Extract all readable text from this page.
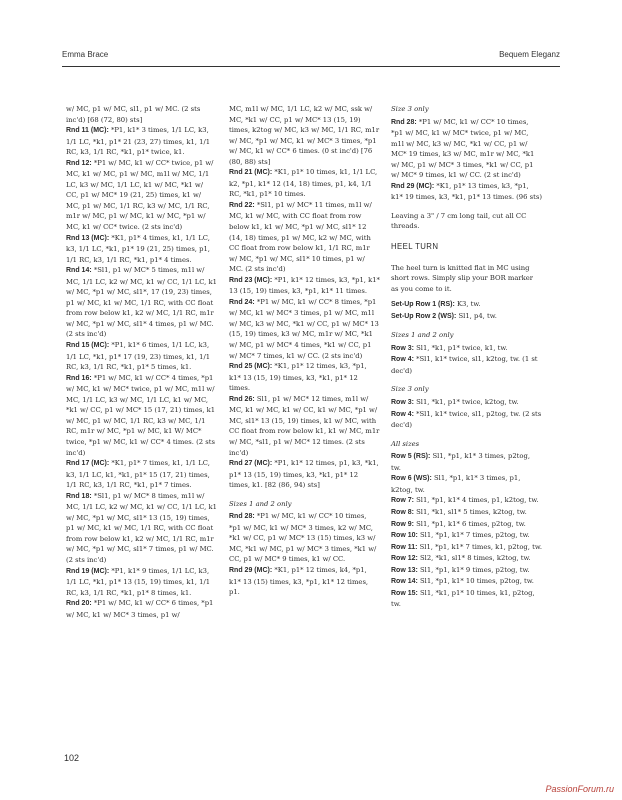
Emma Brace	Bequem Eleganz
w/ MC, p1 w/ MC, sl1, p1 w/ MC. (2 sts inc'd) [68 (72, 80) sts]
Rnd 11 (MC): *P1, k1* 3 times, 1/1 LC, k3, 1/1 LC, *k1, p1* 21 (23, 27) times, k1, 1/1 RC, k3, 1/1 RC, *k1, p1* twice, k1.
Rnd 12: *P1 w/ MC, k1 w/ CC* twice, p1 w/ MC, k1 w/ MC, p1 w/ MC, m1l w/ MC, 1/1 LC, k3 w/ MC, 1/1 LC, k1 w/ MC, *k1 w/ CC, p1 w/ MC* 19 (21, 25) times, k1 w/ MC, p1 w/ MC, 1/1 RC, k3 w/ MC, 1/1 RC, m1r w/ MC, p1 w/ MC, k1 w/ MC, *p1 w/ MC, k1 w/ CC* twice. (2 sts inc'd)
Rnd 13 (MC): *K1, p1* 4 times, k1, 1/1 LC, k3, 1/1 LC, *k1, p1* 19 (21, 25) times, p1, 1/1 RC, k3, 1/1 RC, *k1, p1* 4 times.
Rnd 14: *Sl1, p1 w/ MC* 5 times, m1l w/ MC, 1/1 LC, k2 w/ MC, k1 w/ CC, 1/1 LC, k1 w/ MC, *p1 w/ MC, sl1*, 17 (19, 23) times, p1 w/ MC, k1 w/ MC, 1/1 RC, with CC float from row below k1, k2 w/ MC, 1/1 RC, m1r w/ MC, *p1 w/ MC, sl1* 4 times, p1 w/ MC. (2 sts inc'd)
Rnd 15 (MC): *P1, k1* 6 times, 1/1 LC, k3, 1/1 LC, *k1, p1* 17 (19, 23) times, k1, 1/1 RC, k3, 1/1 RC, *k1, p1* 5 times, k1.
Rnd 16: *P1 w/ MC, k1 w/ CC* 4 times, *p1 w/ MC, k1 w/ MC* twice, p1 w/ MC, m1l w/ MC, 1/1 LC, k3 w/ MC, 1/1 LC, k1 w/ MC, *k1 w/ CC, p1 w/ MC* 15 (17, 21) times, k1 w/ MC, p1 w/ MC, 1/1 RC, k3 w/ MC, 1/1 RC, m1r w/ MC, *p1 w/ MC, k1 W/ MC* twice, *p1 w/ MC, k1 w/ CC* 4 times. (2 sts inc'd)
Rnd 17 (MC): *K1, p1* 7 times, k1, 1/1 LC, k3, 1/1 LC, k1, *k1, p1* 15 (17, 21) times, 1/1 RC, k3, 1/1 RC, *k1, p1* 7 times.
Rnd 18: *Sl1, p1 w/ MC* 8 times, m1l w/ MC, 1/1 LC, k2 w/ MC, k1 w/ CC, 1/1 LC, k1 w/ MC, *p1 w/ MC, sl1* 13 (15, 19) times, p1 w/ MC, k1 w/ MC, 1/1 RC, with CC float from row below k1, k2 w/ MC, 1/1 RC, m1r w/ MC, *p1 w/ MC, sl1* 7 times, p1 w/ MC. (2 sts inc'd)
Rnd 19 (MC): *P1, k1* 9 times, 1/1 LC, k3, 1/1 LC, *k1, p1* 13 (15, 19) times, k1, 1/1 RC, k3, 1/1 RC, *k1, p1* 8 times, k1.
Rnd 20: *P1 w/ MC, k1 w/ CC* 6 times, *p1 w/ MC, k1 w/ MC* 3 times, p1 w/
MC, m1l w/ MC, 1/1 LC, k2 w/ MC, ssk w/ MC, *k1 w/ CC, p1 w/ MC* 13 (15, 19) times, k2tog w/ MC, k3 w/ MC, 1/1 RC, m1r w/ MC, *p1 w/ MC, k1 w/ MC* 3 times, *p1 w/ MC, k1 w/ CC* 6 times. (0 st inc'd) [76 (80, 88) sts]
Rnd 21 (MC): *K1, p1* 10 times, k1, 1/1 LC, k2, *p1, k1* 12 (14, 18) times, p1, k4, 1/1 RC, *k1, p1* 10 times.
Rnd 22: *Sl1, p1 w/ MC* 11 times, m1l w/ MC, k1 w/ MC, with CC float from row below k1, k1 w/ MC, *p1 w/ MC, sl1* 12 (14, 18) times, p1 w/ MC, k2 w/ MC, with CC float from row below k1, 1/1 RC, m1r w/ MC, *p1 w/ MC, sl1* 10 times, p1 w/ MC. (2 sts inc'd)
Rnd 23 (MC): *P1, k1* 12 times, k3, *p1, k1* 13 (15, 19) times, k3, *p1, k1* 11 times.
Rnd 24: *P1 w/ MC, k1 w/ CC* 8 times, *p1 w/ MC, k1 w/ MC* 3 times, p1 w/ MC, m1l w/ MC, k3 w/ MC, *k1 w/ CC, p1 w/ MC* 13 (15, 19) times, k3 w/ MC, m1r w/ MC, *k1 w/ MC, p1 w/ MC* 4 times, *k1 w/ CC, p1 w/ MC* 7 times, k1 w/ CC. (2 sts inc'd)
Rnd 25 (MC): *K1, p1* 12 times, k3, *p1, k1* 13 (15, 19) times, k3, *k1, p1* 12 times.
Rnd 26: Sl1, p1 w/ MC* 12 times, m1l w/ MC, k1 w/ MC, k1 w/ CC, k1 w/ MC, *p1 w/ MC, sl1* 13 (15, 19) times, k1 w/ MC, with CC float from row below k1, k1 w/ MC, m1r w/ MC, *sl1, p1 w/ MC* 12 times. (2 sts inc'd)
Rnd 27 (MC): *P1, k1* 12 times, p1, k3, *k1, p1* 13 (15, 19) times, k3, *k1, p1* 12 times, k1. [82 (86, 94) sts]
Sizes 1 and 2 only
Rnd 28: *P1 w/ MC, k1 w/ CC* 10 times, *p1 w/ MC, k1 w/ MC* 3 times, k2 w/ MC, *k1 w/ CC, p1 w/ MC* 13 (15) times, k3 w/ MC, *k1 w/ MC, p1 w/ MC* 3 times, *k1 w/ CC, p1 w/ MC* 9 times, k1 w/ CC.
Rnd 29 (MC): *K1, p1* 12 times, k4, *p1, k1* 13 (15) times, k3, *p1, k1* 12 times, p1.
Size 3 only
Rnd 28: *P1 w/ MC, k1 w/ CC* 10 times, *p1 w/ MC, k1 w/ MC* twice, p1 w/ MC, m1l w/ MC, k3 w/ MC, *k1 w/ CC, p1 w/ MC* 19 times, k3 w/ MC, m1r w/ MC, *k1 w/ MC, p1 w/ MC* 3 times, *k1 w/ CC, p1 w/ MC* 9 times, k1 w/ CC. (2 st inc'd)
Rnd 29 (MC): *K1, p1* 13 times, k3, *p1, k1* 19 times, k3, *k1, p1* 13 times. (96 sts)
Leaving a 3" / 7 cm long tail, cut all CC threads.
HEEL TURN
The heel turn is knitted flat in MC using short rows. Simply slip your BOR marker as you come to it.
Set-Up Row 1 (RS): K3, tw.
Set-Up Row 2 (WS): Sl1, p4, tw.
Sizes 1 and 2 only
Row 3: Sl1, *k1, p1* twice, k1, tw.
Row 4: *Sl1, k1* twice, sl1, k2tog, tw. (1 st dec'd)
Size 3 only
Row 3: Sl1, *k1, p1* twice, k2tog, tw.
Row 4: *Sl1, k1* twice, sl1, p2tog, tw. (2 sts dec'd)
All sizes
Row 5 (RS): Sl1, *p1, k1* 3 times, p2tog, tw.
Row 6 (WS): Sl1, *p1, k1* 3 times, p1, k2tog, tw.
Row 7: Sl1, *p1, k1* 4 times, p1, k2tog, tw.
Row 8: Sl1, *k1, sl1* 5 times, k2tog, tw.
Row 9: Sl1, *p1, k1* 6 times, p2tog, tw.
Row 10: Sl1, *p1, k1* 7 times, p2tog, tw.
Row 11: Sl1, *p1, k1* 7 times, k1, p2tog, tw.
Row 12: Sl2, *k1, sl1* 8 times, k2tog, tw.
Row 13: Sl1, *p1, k1* 9 times, p2tog, tw.
Row 14: Sl1, *p1, k1* 10 times, p2tog, tw.
Row 15: Sl1, *k1, p1* 10 times, k1, p2tog, tw.
102
PassionForum.ru
